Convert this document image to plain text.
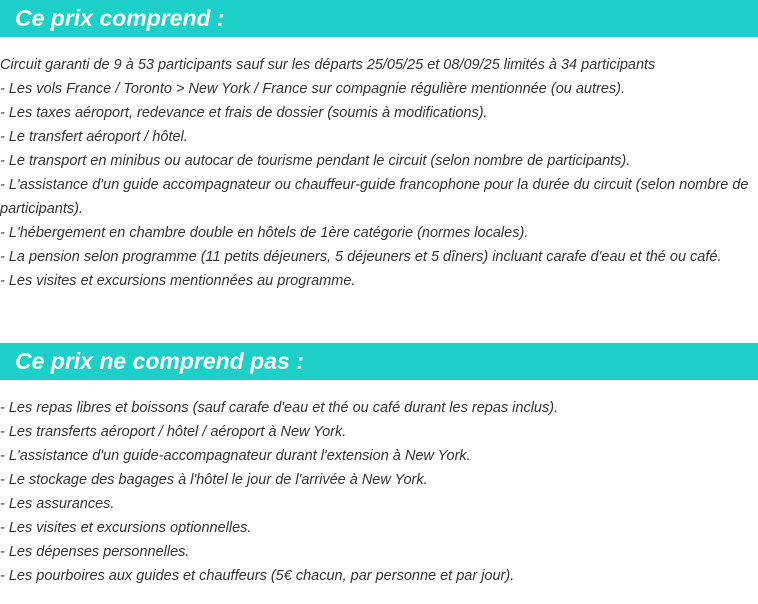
Ce prix comprend :
Circuit garanti de 9 à 53 participants sauf sur les départs 25/05/25 et 08/09/25 limités à 34 participants
- Les vols France / Toronto > New York / France sur compagnie régulière mentionnée (ou autres).
- Les taxes aéroport, redevance et frais de dossier (soumis à modifications).
- Le transfert aéroport / hôtel.
- Le transport en minibus ou autocar de tourisme pendant le circuit (selon nombre de participants).
- L'assistance d'un guide accompagnateur ou chauffeur-guide francophone pour la durée du circuit (selon nombre de participants).
- L'hébergement en chambre double en hôtels de 1ère catégorie (normes locales).
- La pension selon programme (11 petits déjeuners, 5 déjeuners et 5 dîners) incluant carafe d'eau et thé ou café.
- Les visites et excursions mentionnées au programme.
Ce prix ne comprend pas :
- Les repas libres et boissons (sauf carafe d'eau et thé ou café durant les repas inclus).
- Les transferts aéroport / hôtel / aéroport à New York.
- L'assistance d'un guide-accompagnateur durant l'extension à New York.
- Le stockage des bagages à l'hôtel le jour de l'arrivée à New York.
- Les assurances.
- Les visites et excursions optionnelles.
- Les dépenses personnelles.
- Les pourboires aux guides et chauffeurs (5€ chacun, par personne et par jour).
